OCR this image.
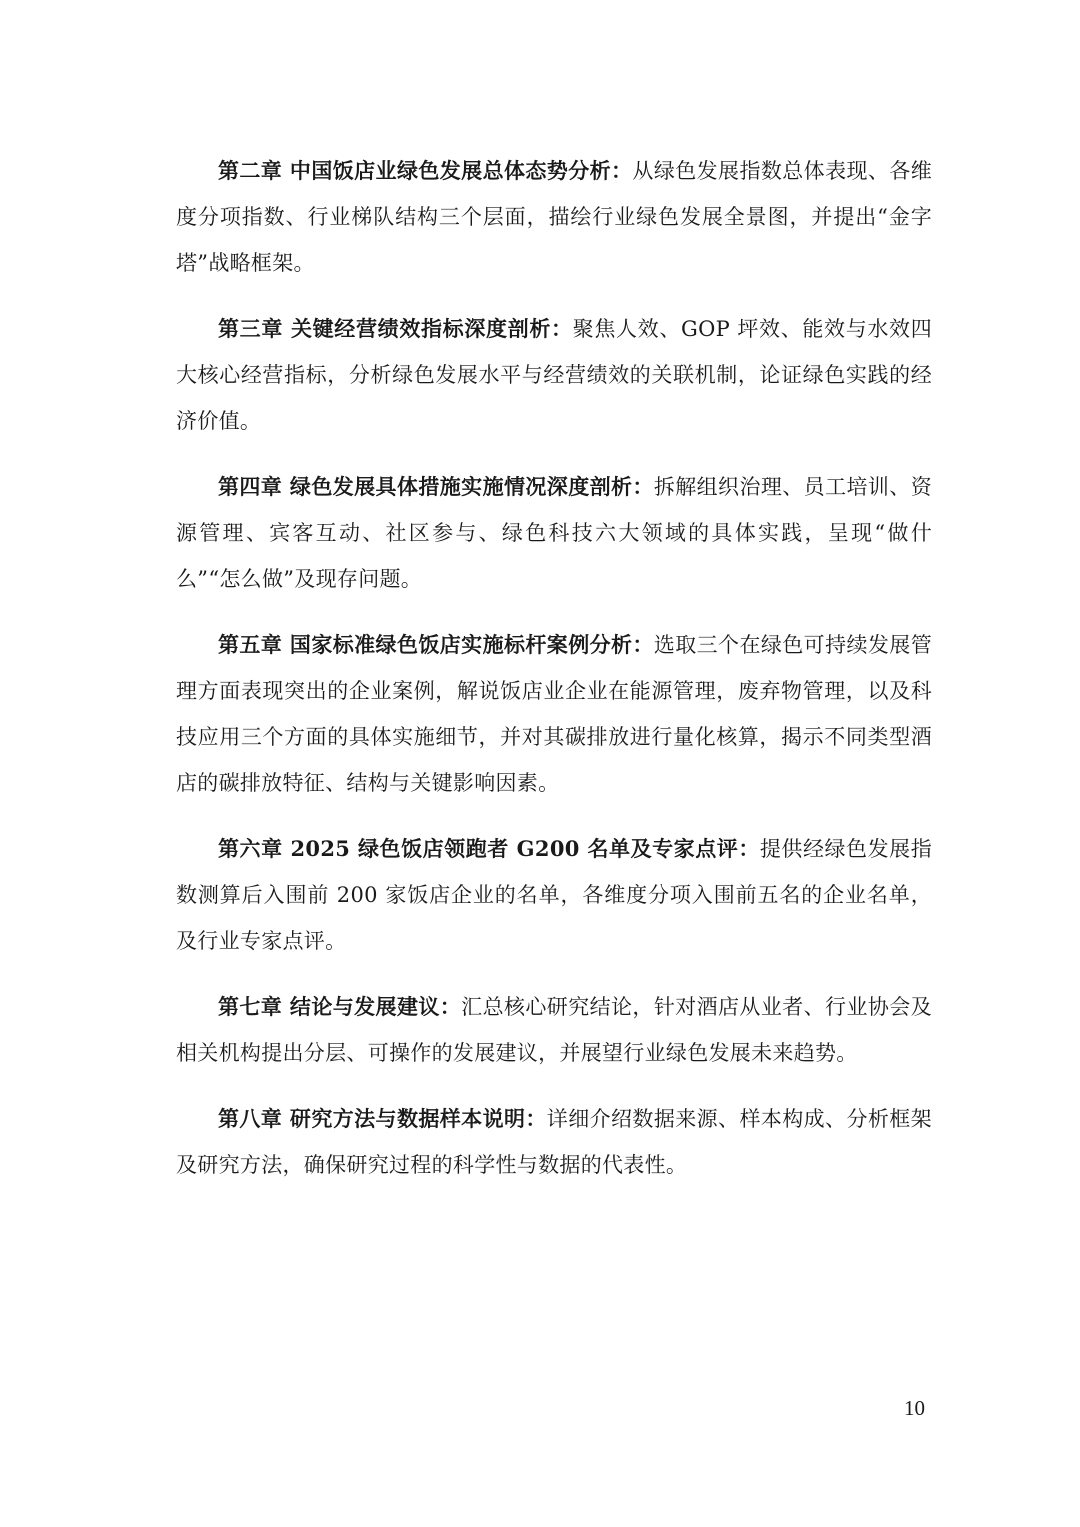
第二章 中国饭店业绿色发展总体态势分析：从绿色发展指数总体表现、各维度分项指数、行业梯队结构三个层面，描绘行业绿色发展全景图，并提出“金字塔”战略框架。

第三章 关键经营绩效指标深度剖析：聚焦人效、GOP 坪效、能效与水效四大核心经营指标，分析绿色发展水平与经营绩效的关联机制，论证绿色实践的经济价值。

第四章 绿色发展具体措施实施情况深度剖析：拆解组织治理、员工培训、资源管理、宾客互动、社区参与、绿色科技六大领域的具体实践，呈现“做什么”“怎么做”及现存问题。

第五章 国家标准绿色饭店实施标杆案例分析：选取三个在绿色可持续发展管理方面表现突出的企业案例，解说饭店业企业在能源管理，废弃物管理，以及科技应用三个方面的具体实施细节，并对其碳排放进行量化核算，揭示不同类型酒店的碳排放特征、结构与关键影响因素。

第六章 2025 绿色饭店领跑者 G200 名单及专家点评：提供经绿色发展指数测算后入围前 200 家饭店企业的名单，各维度分项入围前五名的企业名单，及行业专家点评。

第七章 结论与发展建议：汇总核心研究结论，针对酒店从业者、行业协会及相关机构提出分层、可操作的发展建议，并展望行业绿色发展未来趋势。

第八章 研究方法与数据样本说明：详细介绍数据来源、样本构成、分析框架及研究方法，确保研究过程的科学性与数据的代表性。

10
